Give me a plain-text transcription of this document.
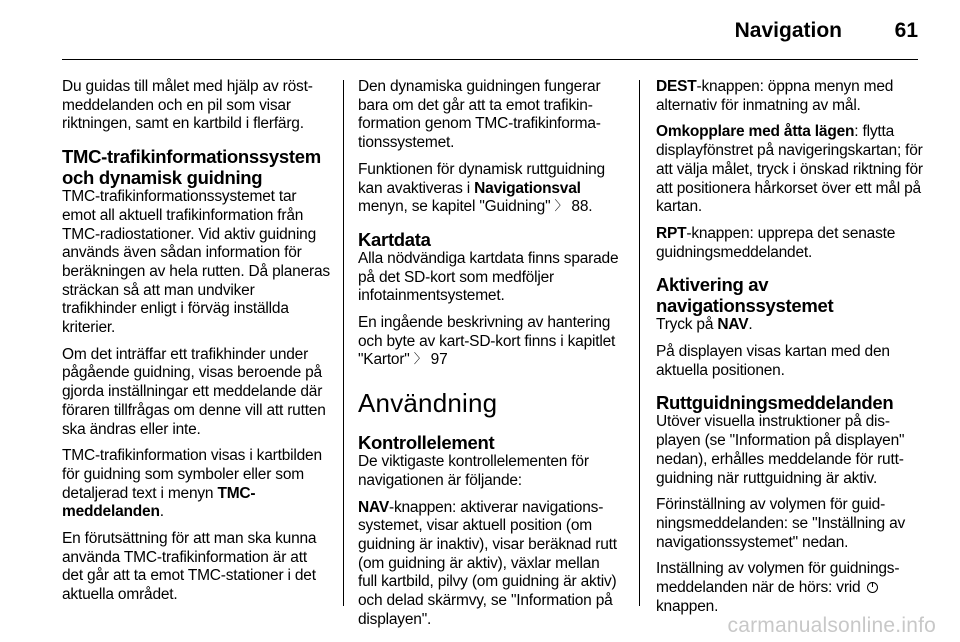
Navigation	61

Du guidas till målet med hjälp av röstmeddelanden och en pil som visar riktningen, samt en kartbild i flerfärg.

TMC-trafikinformationssystem och dynamisk guidning

TMC-trafikinformationssystemet tar emot all aktuell trafikinformation från TMC-radiostationer. Vid aktiv guidning används även sådan information för beräkningen av hela rutten. Då planeras sträckan så att man undviker trafikhinder enligt i förväg inställda kriterier.

Om det inträffar ett trafikhinder under pågående guidning, visas beroende på gjorda inställningar ett meddelande där föraren tillfrågas om denne vill att rutten ska ändras eller inte.

TMC-trafikinformation visas i kartbilden för guidning som symboler eller som detaljerad text i menyn TMC-meddelanden.

En förutsättning för att man ska kunna använda TMC-trafikinformation är att det går att ta emot TMC-stationer i det aktuella området.

Den dynamiska guidningen fungerar bara om det går att ta emot trafikinformation genom TMC-trafikinformationssystemet.

Funktionen för dynamisk ruttguidning kan avaktiveras i Navigationsval menyn, se kapitel "Guidning" 〉 88.

Kartdata

Alla nödvändiga kartdata finns sparade på det SD-kort som medföljer infotainmentsystemet.

En ingående beskrivning av hantering och byte av kart-SD-kort finns i kapitlet "Kartor" 〉 97

Användning
Kontrollelement

De viktigaste kontrollelementen för navigationen är följande:

NAV-knappen: aktiverar navigationssystemet, visar aktuell position (om guidning är inaktiv), visar beräknad rutt (om guidning är aktiv), växlar mellan full kartbild, pilvy (om guidning är aktiv) och delad skärmvy, se "Information på displayen".

DEST-knappen: öppna menyn med alternativ för inmatning av mål.

Omkopplare med åtta lägen: flytta displayfönstret på navigeringskartan; för att välja målet, tryck i önskad riktning för att positionera hårkorset över ett mål på kartan.

RPT-knappen: upprepa det senaste guidningsmeddelandet.

Aktivering av navigationssystemet

Tryck på NAV.

På displayen visas kartan med den aktuella positionen.

Ruttguidningsmeddelanden

Utöver visuella instruktioner på displayen (se "Information på displayen" nedan), erhålles meddelande för ruttguidning när ruttguidning är aktiv.

Förinställning av volymen för guidningsmeddelanden: se "Inställning av navigationssystemet" nedan.

Inställning av volymen för guidningsmeddelanden när de hörs: vrid
knappen.

carmanualsonline.info
